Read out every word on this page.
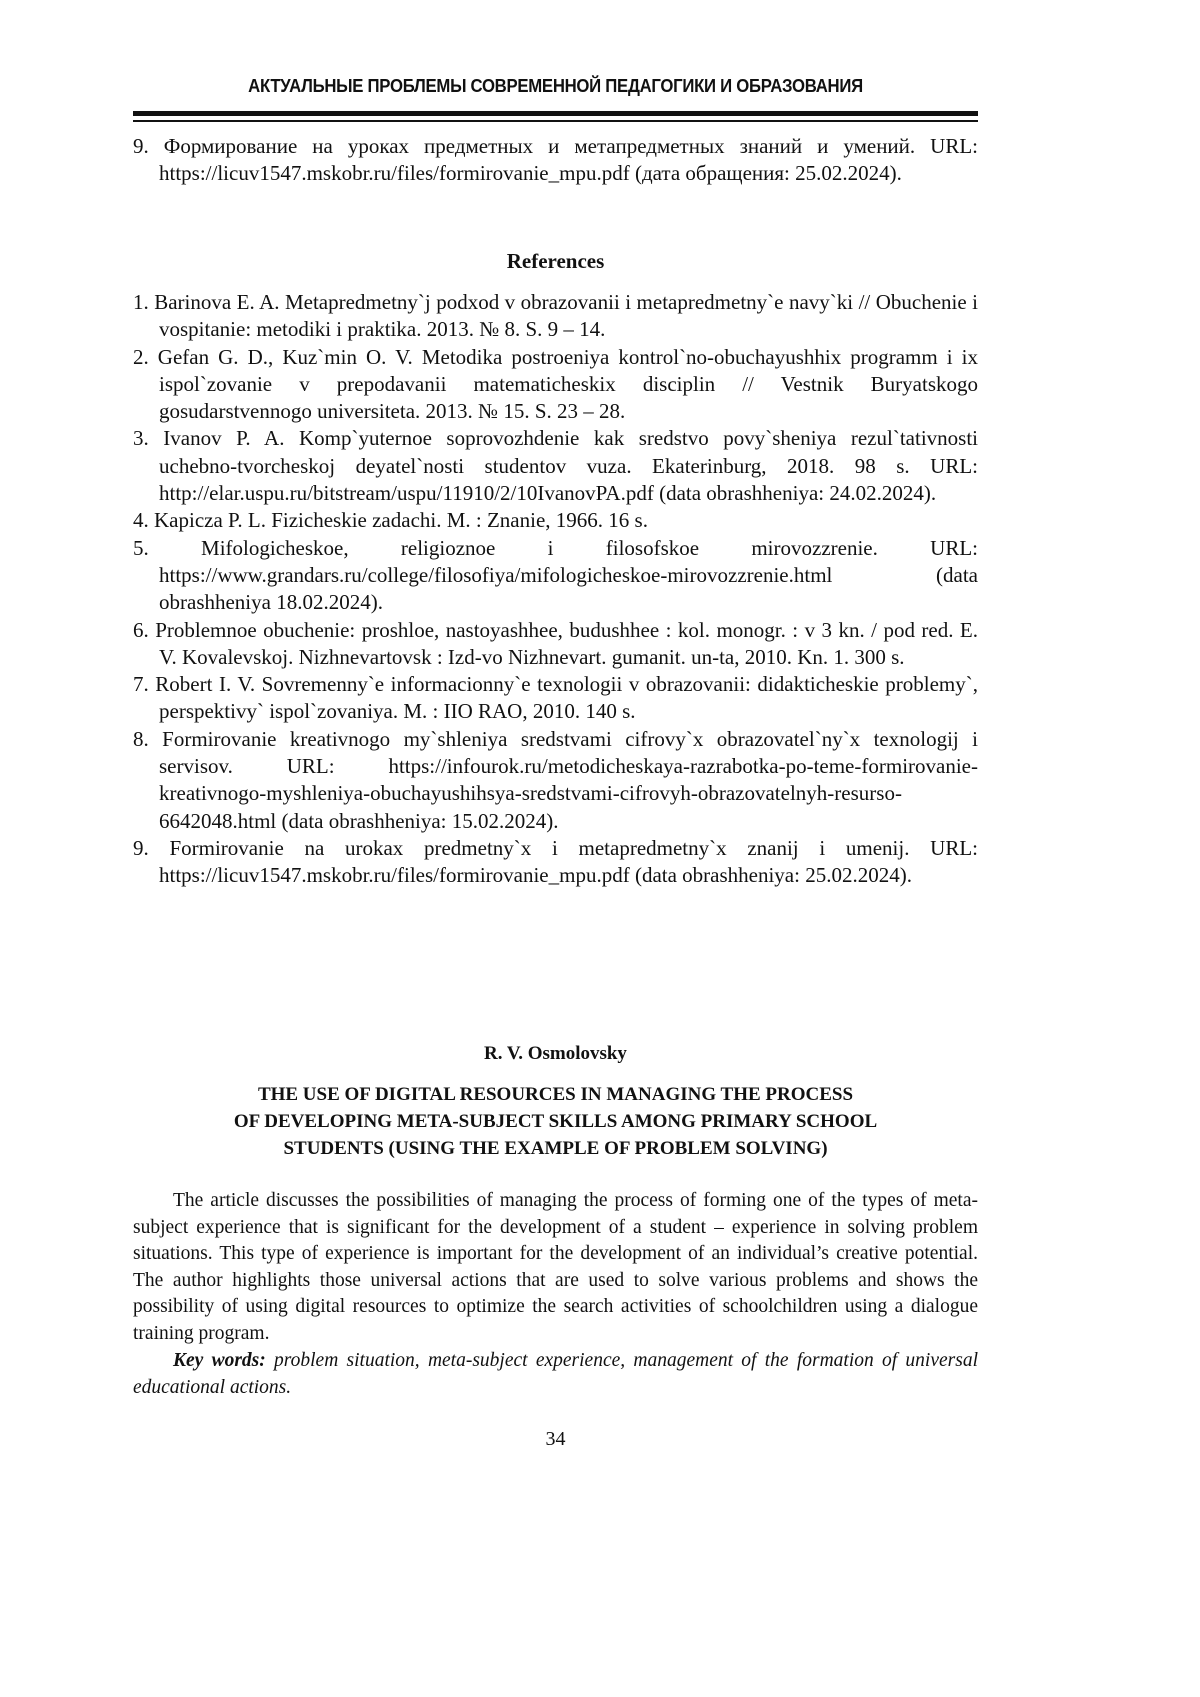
АКТУАЛЬНЫЕ ПРОБЛЕМЫ СОВРЕМЕННОЙ ПЕДАГОГИКИ И ОБРАЗОВАНИЯ

9. Формирование на уроках предметных и метапредметных знаний и умений. URL: https://licuv1547.mskobr.ru/files/formirovanie_mpu.pdf (дата обращения: 25.02.2024).

References

1. Barinova E. A. Metapredmetny`j podxod v obrazovanii i metapredmetny`e navy`ki // Obuchenie i vospitanie: metodiki i praktika. 2013. № 8. S. 9 – 14.

2. Gefan G. D., Kuz`min O. V. Metodika postroeniya kontrol`no-obuchayushhix programm i ix ispol`zovanie v prepodavanii matematicheskix disciplin // Vestnik Buryatskogo gosudarstvennogo universiteta. 2013. № 15. S. 23 – 28.

3. Ivanov P. A. Komp`yuternoe soprovozhdenie kak sredstvo povy`sheniya rezul`tativnosti uchebno-tvorcheskoj deyatel`nosti studentov vuza. Ekaterinburg, 2018. 98 s. URL: http://elar.uspu.ru/bitstream/uspu/11910/2/10IvanovPA.pdf (data obrashheniya: 24.02.2024).

4. Kapicza P. L. Fizicheskie zadachi. M. : Znanie, 1966. 16 s.

5. Mifologicheskoe, religioznoe i filosofskoe mirovozzrenie. URL: https://www.grandars.ru/college/filosofiya/mifologicheskoe-mirovozzrenie.html (data obrashheniya 18.02.2024).

6. Problemnoe obuchenie: proshloe, nastoyashhee, budushhee : kol. monogr. : v 3 kn. / pod red. E. V. Kovalevskoj. Nizhnevartovsk : Izd-vo Nizhnevart. gumanit. un-ta, 2010. Kn. 1. 300 s.

7. Robert I. V. Sovremenny`e informacionny`e texnologii v obrazovanii: didakticheskie problemy`, perspektivy` ispol`zovaniya. M. : IIO RAO, 2010. 140 s.

8. Formirovanie kreativnogo my`shleniya sredstvami cifrovy`x obrazovatel`ny`x texnologij i servisov. URL: https://infourok.ru/metodicheskaya-razrabotka-po-teme-formirovanie-kreativnogo-myshleniya-obuchayushihsya-sredstvami-cifrovyh-obrazovatelnyh-resurso-6642048.html (data obrashheniya: 15.02.2024).

9. Formirovanie na urokax predmetny`x i metapredmetny`x znanij i umenij. URL: https://licuv1547.mskobr.ru/files/formirovanie_mpu.pdf (data obrashheniya: 25.02.2024).

R. V. Osmolovsky
THE USE OF DIGITAL RESOURCES IN MANAGING THE PROCESS
OF DEVELOPING META-SUBJECT SKILLS AMONG PRIMARY SCHOOL
STUDENTS (USING THE EXAMPLE OF PROBLEM SOLVING)

The article discusses the possibilities of managing the process of forming one of the types of meta-subject experience that is significant for the development of a student – experience in solving problem situations. This type of experience is important for the development of an individual’s creative potential. The author highlights those universal actions that are used to solve various problems and shows the possibility of using digital resources to optimize the search activities of schoolchildren using a dialogue training program.

Key words: problem situation, meta-subject experience, management of the formation of universal educational actions.

34
